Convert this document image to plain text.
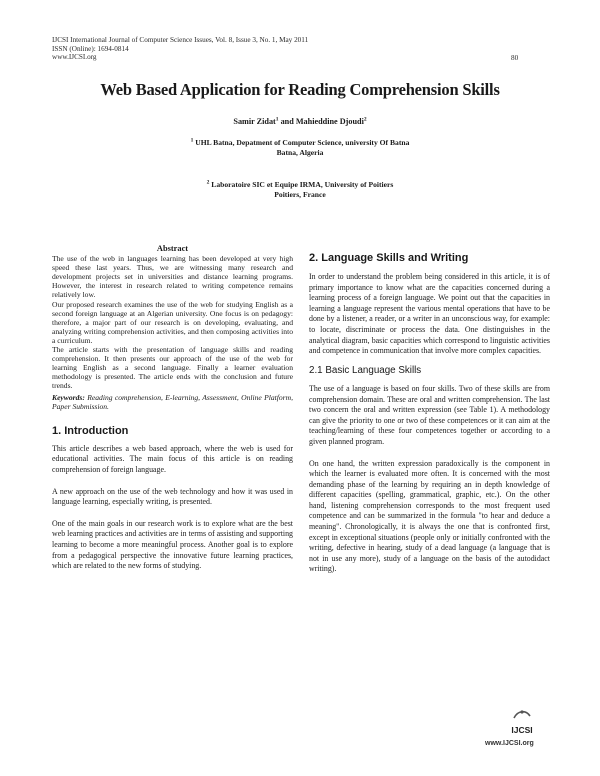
IJCSI International Journal of Computer Science Issues, Vol. 8, Issue 3, No. 1, May 2011
ISSN (Online): 1694-0814
www.IJCSI.org	80
Web Based Application for Reading Comprehension Skills
Samir Zidat$^1$ and Mahieddine Djoudi$^2$
$^1$ UHL Batna, Depatment of Computer Science, university Of Batna
Batna, Algeria
$^2$ Laboratoire SIC et Equipe IRMA, University of Poitiers
Poitiers, France
Abstract

The use of the web in languages learning has been developed at very high speed these last years. Thus, we are witnessing many research and development projects set in universities and distance learning programs. However, the interest in research related to writing competence remains relatively low.

Our proposed research examines the use of the web for studying English as a second foreign language at an Algerian university. One focus is on pedagogy: therefore, a major part of our research is on developing, evaluating, and analyzing writing comprehension activities, and then composing activities into a curriculum.

The article starts with the presentation of language skills and reading comprehension. It then presents our approach of the use of the web for learning English as a second language. Finally a learner evaluation methodology is presented. The article ends with the conclusion and future trends.

Keywords: Reading comprehension, E-learning, Assessment, Online Platform, Paper Submission.

1. Introduction

This article describes a web based approach, where the web is used for educational activities. The main focus of this article is on reading comprehension of foreign language.

A new approach on the use of the web technology and how it was used in language learning, especially writing, is presented.

One of the main goals in our research work is to explore what are the best web learning practices and activities are in terms of assisting and supporting learning to become a more meaningful process. Another goal is to explore from a pedagogical perspective the innovative future learning practices, which are related to the new forms of studying.

2. Language Skills and Writing

In order to understand the problem being considered in this article, it is of primary importance to know what are the capacities concerned during a learning process of a foreign language. We point out that the capacities in learning a language represent the various mental operations that have to be done by a listener, a reader, or a writer in an unconscious way, for example: to locate, discriminate or process the data. One distinguishes in the analytical diagram, basic capacities which correspond to linguistic activities and competence in communication that involve more complex capacities.

2.1 Basic Language Skills

The use of a language is based on four skills. Two of these skills are from comprehension domain. These are oral and written comprehension. The last two concern the oral and written expression (see Table 1). A methodology can give the priority to one or two of these competences or it can aim at the teaching/learning of these four competences together or according to a given planned program.

On one hand, the written expression paradoxically is the component in which the learner is evaluated more often. It is concerned with the most demanding phase of the learning by requiring an in depth knowledge of different capacities (spelling, grammatical, graphic, etc.). On the other hand, listening comprehension corresponds to the most frequent used competence and can be summarized in the formula "to hear and deduce a meaning". Chronologically, it is always the one that is confronted first, except in exceptional situations (people only or initially confronted with the writing, defective in hearing, study of a dead language (a language that is not in use any more), study of a language on the basis of the autodidact writing).

IJCSI
www.IJCSI.org
